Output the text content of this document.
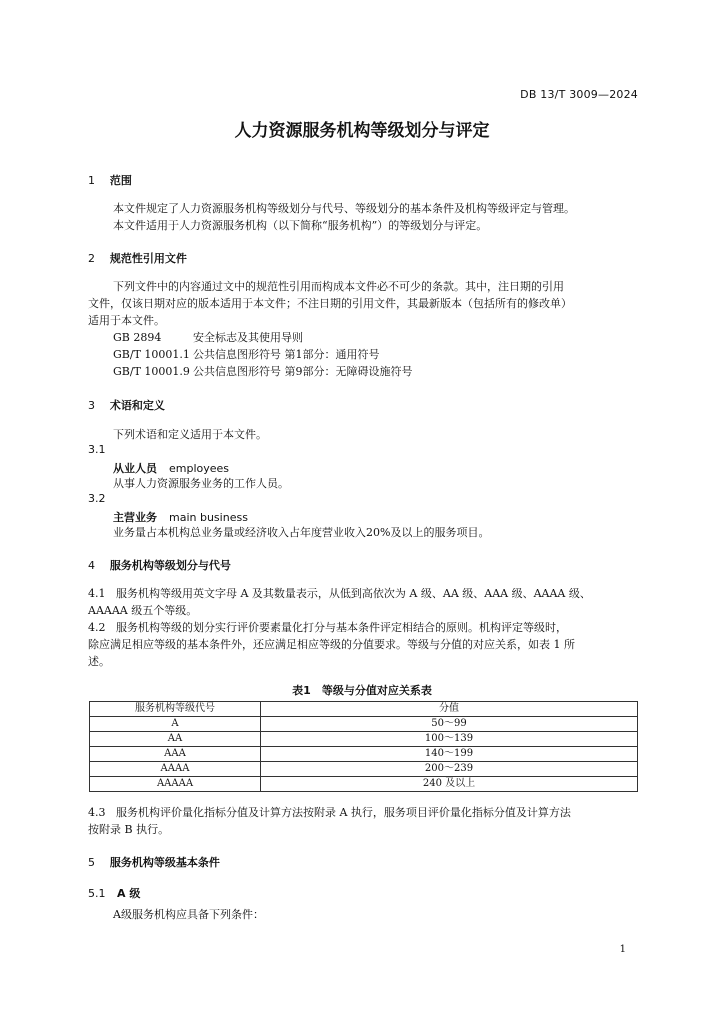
DB 13/T 3009—2024
人力资源服务机构等级划分与评定
1 范围
本文件规定了人力资源服务机构等级划分与代号、等级划分的基本条件及机构等级评定与管理。
本文件适用于人力资源服务机构（以下简称“服务机构”）的等级划分与评定。
2 规范性引用文件
下列文件中的内容通过文中的规范性引用而构成本文件必不可少的条款。其中，注日期的引用
文件，仅该日期对应的版本适用于本文件；不注日期的引用文件，其最新版本（包括所有的修改单）
适用于本文件。
GB 2894	安全标志及其使用导则
GB/T 10001.1 公共信息图形符号 第1部分：通用符号
GB/T 10001.9 公共信息图形符号 第9部分：无障碍设施符号
3 术语和定义
下列术语和定义适用于本文件。
3.1
从业人员 employees
从事人力资源服务业务的工作人员。
3.2
主营业务 main business
业务量占本机构总业务量或经济收入占年度营业收入20%及以上的服务项目。
4 服务机构等级划分与代号
4.1 服务机构等级用英文字母 A 及其数量表示，从低到高依次为 A 级、AA 级、AAA 级、AAAA 级、
AAAAA 级五个等级。
4.2 服务机构等级的划分实行评价要素量化打分与基本条件评定相结合的原则。机构评定等级时，
除应满足相应等级的基本条件外，还应满足相应等级的分值要求。等级与分值的对应关系，如表 1 所
述。
表1　等级与分值对应关系表
服务机构等级代号	分值
A	50～99
AA	100～139
AAA	140～199
AAAA	200～239
AAAAA	240 及以上
4.3 服务机构评价量化指标分值及计算方法按附录 A 执行，服务项目评价量化指标分值及计算方法
按附录 B 执行。
5 服务机构等级基本条件
5.1 A 级
A级服务机构应具备下列条件：
1
